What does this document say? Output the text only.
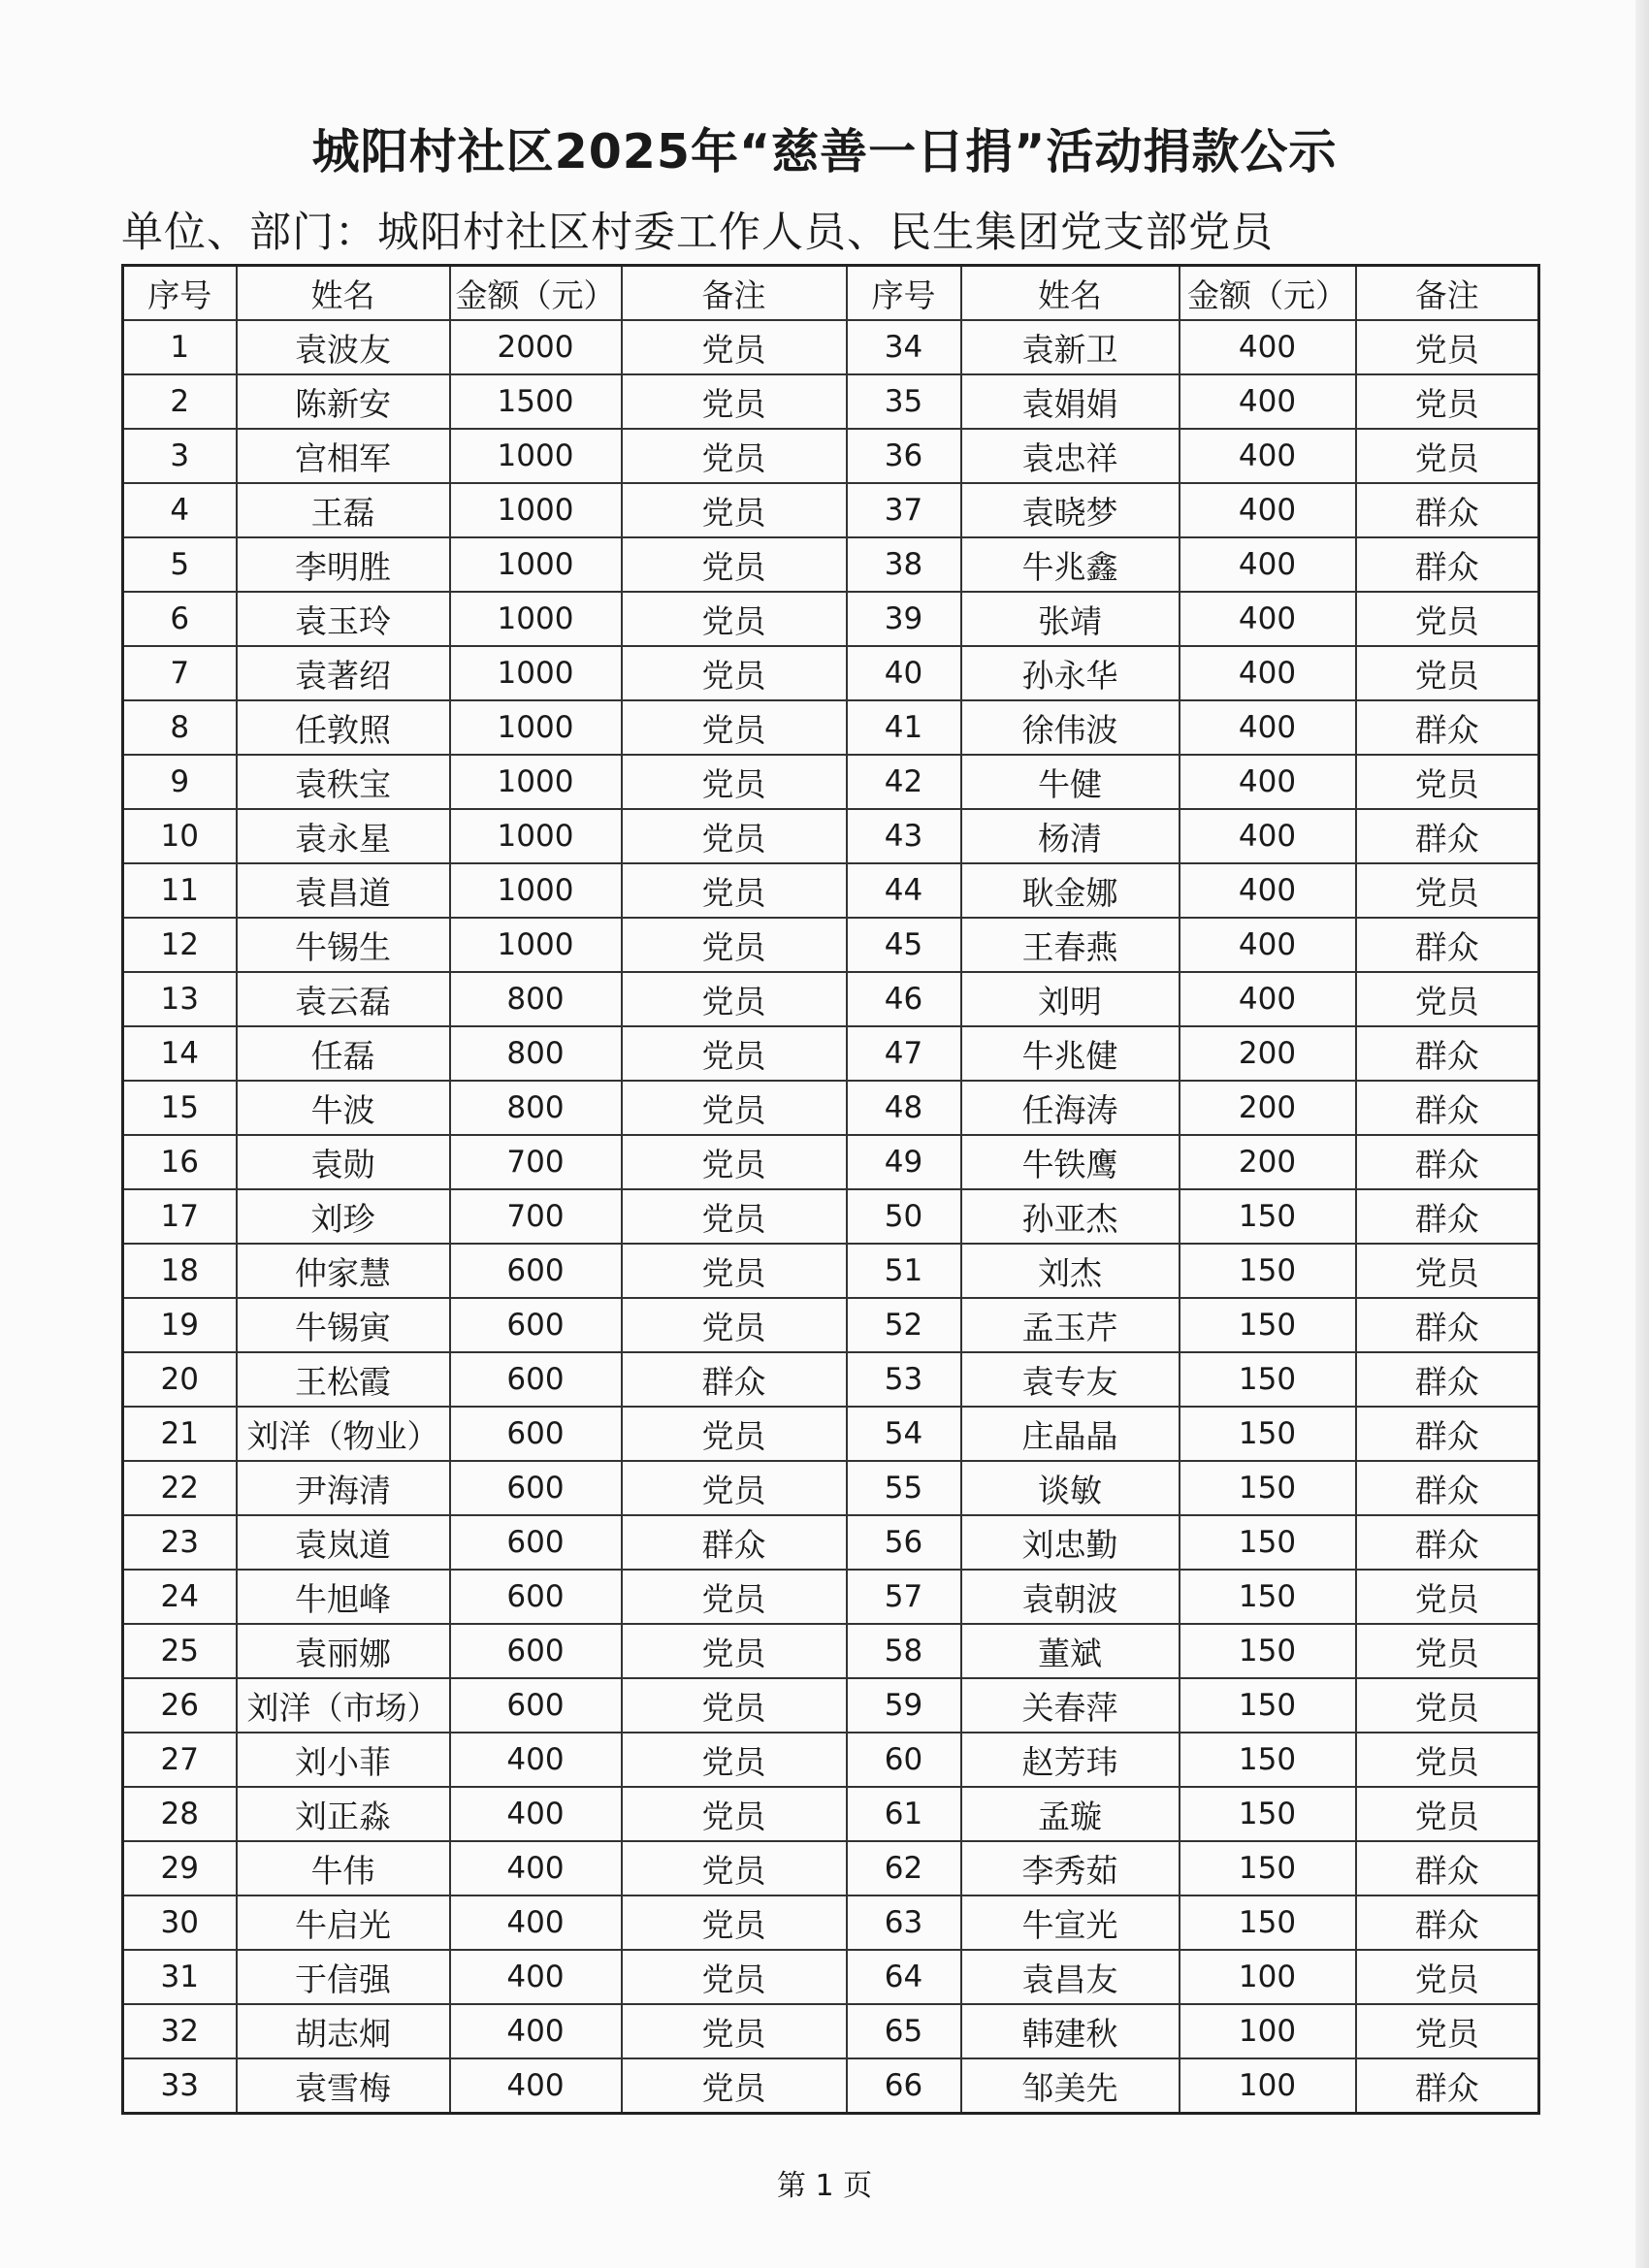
城阳村社区2025年“慈善一日捐”活动捐款公示
单位、部门：城阳村社区村委工作人员、民生集团党支部党员
序号	姓名	金额（元）	备注	序号	姓名	金额（元）	备注
1	袁波友	2000	党员	34	袁新卫	400	党员
2	陈新安	1500	党员	35	袁娟娟	400	党员
3	宫相军	1000	党员	36	袁忠祥	400	党员
4	王磊	1000	党员	37	袁晓梦	400	群众
5	李明胜	1000	党员	38	牛兆鑫	400	群众
6	袁玉玲	1000	党员	39	张靖	400	党员
7	袁著绍	1000	党员	40	孙永华	400	党员
8	任敦照	1000	党员	41	徐伟波	400	群众
9	袁秩宝	1000	党员	42	牛健	400	党员
10	袁永星	1000	党员	43	杨清	400	群众
11	袁昌道	1000	党员	44	耿金娜	400	党员
12	牛锡生	1000	党员	45	王春燕	400	群众
13	袁云磊	800	党员	46	刘明	400	党员
14	任磊	800	党员	47	牛兆健	200	群众
15	牛波	800	党员	48	任海涛	200	群众
16	袁勋	700	党员	49	牛铁鹰	200	群众
17	刘珍	700	党员	50	孙亚杰	150	群众
18	仲家慧	600	党员	51	刘杰	150	党员
19	牛锡寅	600	党员	52	孟玉芹	150	群众
20	王松霞	600	群众	53	袁专友	150	群众
21	刘洋（物业）	600	党员	54	庄晶晶	150	群众
22	尹海清	600	党员	55	谈敏	150	群众
23	袁岚道	600	群众	56	刘忠勤	150	群众
24	牛旭峰	600	党员	57	袁朝波	150	党员
25	袁丽娜	600	党员	58	董斌	150	党员
26	刘洋（市场）	600	党员	59	关春萍	150	党员
27	刘小菲	400	党员	60	赵芳玮	150	党员
28	刘正淼	400	党员	61	孟璇	150	党员
29	牛伟	400	党员	62	李秀茹	150	群众
30	牛启光	400	党员	63	牛宣光	150	群众
31	于信强	400	党员	64	袁昌友	100	党员
32	胡志炯	400	党员	65	韩建秋	100	党员
33	袁雪梅	400	党员	66	邹美先	100	群众
第 1 页
